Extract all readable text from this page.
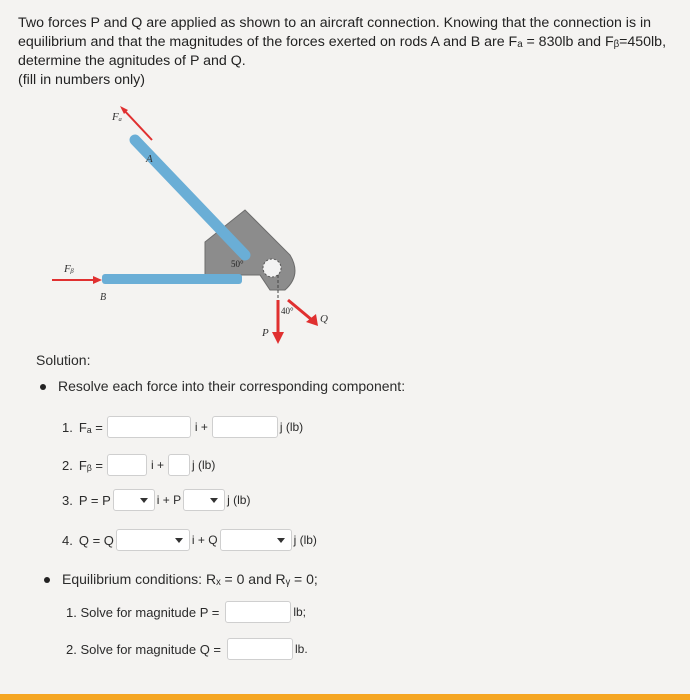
Two forces P and Q are applied as shown to an aircraft connection. Knowing that the connection is in

equilibrium and that the magnitudes of the forces exerted on rods A and B are Fₐ = 830lb and Fᵦ=450lb,

determine the agnitudes of P and Q.

(fill in numbers only)

Fₐ
A
Fᵦ
B
50°
40°
P
Q
Solution:
Resolve each force into their corresponding component:
1. Fₐ =	i +	j (lb)
2. Fᵦ =	i + j (lb)
3. P = P	i + P	j (lb)
4. Q = Q	i + Q	j (lb)
Equilibrium conditions: Rₓ = 0 and Rᵧ = 0;
1. Solve for magnitude P =	lb;
2. Solve for magnitude Q =	lb.
